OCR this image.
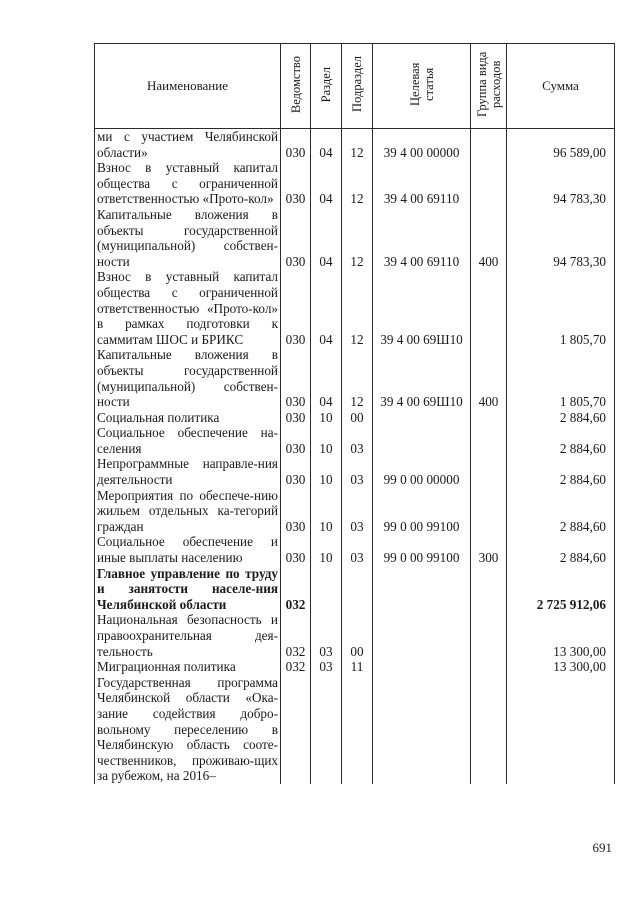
Наименование	Ведомство	Раздел	Подраздел	Целевая статья	Группа вида расходов	Сумма
ми с участием Челябинской области»	030	04	12	39 4 00 00000		96 589,00
Взнос в уставный капитал общества с ограниченной ответственностью «Прото-кол»	030	04	12	39 4 00 69110		94 783,30
Капитальные вложения в объекты государственной (муниципальной) собствен-ности	030	04	12	39 4 00 69110	400	94 783,30
Взнос в уставный капитал общества с ограниченной ответственностью «Прото-кол» в рамках подготовки к саммитам ШОС и БРИКС	030	04	12	39 4 00 69Ш10		1 805,70
Капитальные вложения в объекты государственной (муниципальной) собствен-ности	030	04	12	39 4 00 69Ш10	400	1 805,70
Социальная политика	030	10	00			2 884,60
Социальное обеспечение на-селения	030	10	03			2 884,60
Непрограммные направле-ния деятельности	030	10	03	99 0 00 00000		2 884,60
Мероприятия по обеспече-нию жильем отдельных ка-тегорий граждан	030	10	03	99 0 00 99100		2 884,60
Социальное обеспечение и иные выплаты населению	030	10	03	99 0 00 99100	300	2 884,60
Главное управление по труду и занятости населе-ния Челябинской области	032					2 725 912,06
Национальная безопасность и правоохранительная дея-тельность	032	03	00			13 300,00
Миграционная политика	032	03	11			13 300,00
Государственная программа Челябинской области «Ока-зание содействия добро-вольному переселению в Челябинскую область соотe-чественников, проживаю-щих за рубежом, на 2016–						
691
